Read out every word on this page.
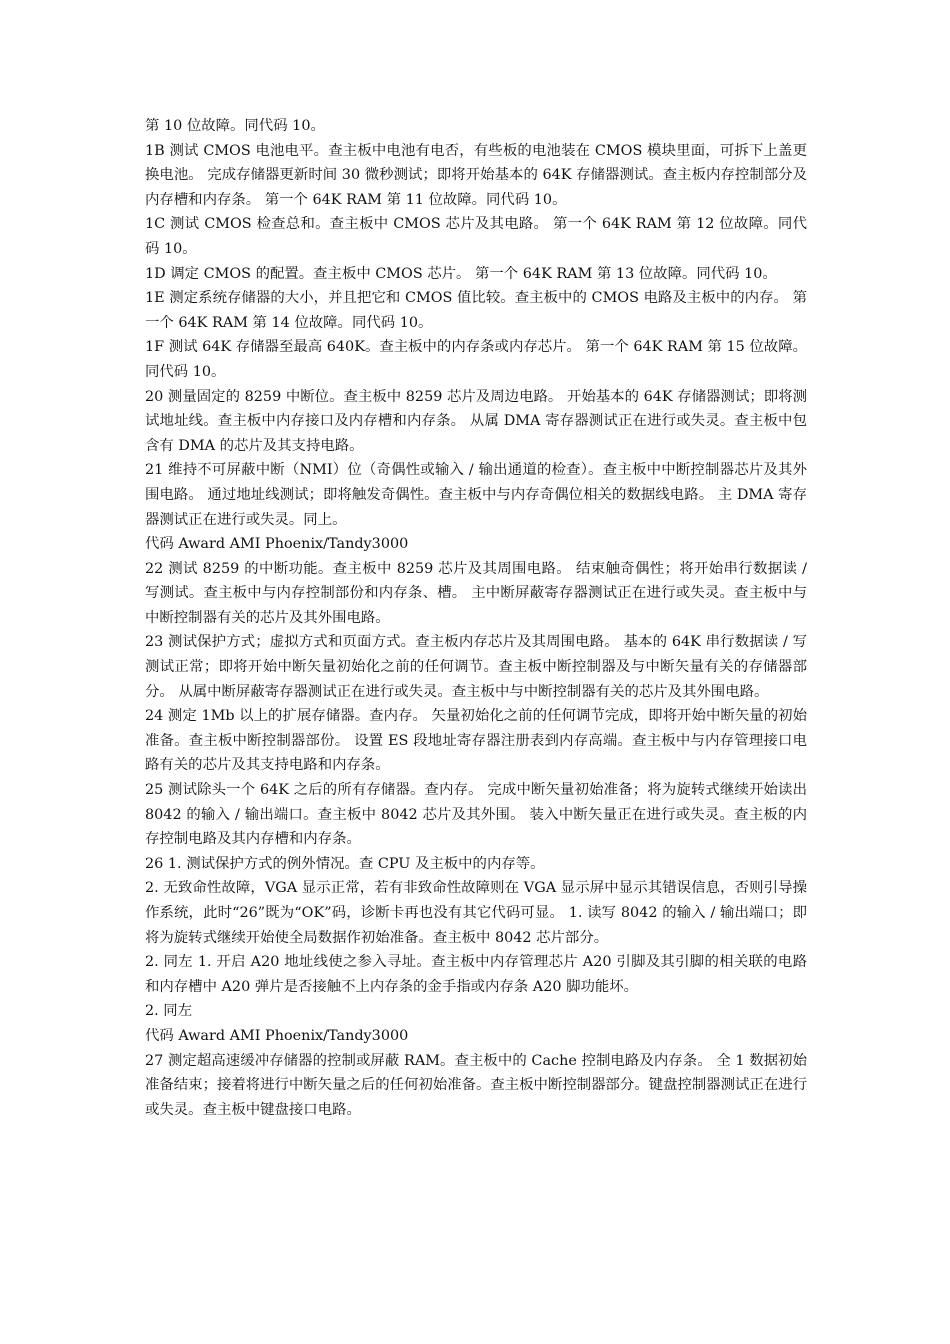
第 10 位故障。同代码 10。

1B 测试 CMOS 电池电平。查主板中电池有电否，有些板的电池装在 CMOS 模块里面，可拆下上盖更换电池。 完成存储器更新时间 30 微秒测试；即将开始基本的 64K 存储器测试。查主板内存控制部分及内存槽和内存条。 第一个 64K RAM 第 11 位故障。同代码 10。

1C 测试 CMOS 检查总和。查主板中 CMOS 芯片及其电路。 第一个 64K RAM 第 12 位故障。同代码 10。

1D 调定 CMOS 的配置。查主板中 CMOS 芯片。 第一个 64K RAM 第 13 位故障。同代码 10。

1E 测定系统存储器的大小，并且把它和 CMOS 值比较。查主板中的 CMOS 电路及主板中的内存。 第一个 64K RAM 第 14 位故障。同代码 10。

1F 测试 64K 存储器至最高 640K。查主板中的内存条或内存芯片。 第一个 64K RAM 第 15 位故障。同代码 10。

20 测量固定的 8259 中断位。查主板中 8259 芯片及周边电路。 开始基本的 64K 存储器测试；即将测试地址线。查主板中内存接口及内存槽和内存条。 从属 DMA 寄存器测试正在进行或失灵。查主板中包含有 DMA 的芯片及其支持电路。

21 维持不可屏蔽中断（NMI）位（奇偶性或输入 / 输出通道的检查）。查主板中中断控制器芯片及其外围电路。 通过地址线测试；即将触发奇偶性。查主板中与内存奇偶位相关的数据线电路。 主 DMA 寄存器测试正在进行或失灵。同上。

代码 Award AMI Phoenix/Tandy3000

22 测试 8259 的中断功能。查主板中 8259 芯片及其周围电路。 结束触奇偶性；将开始串行数据读 / 写测试。查主板中与内存控制部份和内存条、槽。 主中断屏蔽寄存器测试正在进行或失灵。查主板中与中断控制器有关的芯片及其外围电路。

23 测试保护方式；虚拟方式和页面方式。查主板内存芯片及其周围电路。 基本的 64K 串行数据读 / 写测试正常；即将开始中断矢量初始化之前的任何调节。查主板中断控制器及与中断矢量有关的存储器部分。 从属中断屏蔽寄存器测试正在进行或失灵。查主板中与中断控制器有关的芯片及其外围电路。

24 测定 1Mb 以上的扩展存储器。查内存。 矢量初始化之前的任何调节完成，即将开始中断矢量的初始准备。查主板中断控制器部份。 设置 ES 段地址寄存器注册表到内存高端。查主板中与内存管理接口电路有关的芯片及其支持电路和内存条。

25 测试除头一个 64K 之后的所有存储器。查内存。 完成中断矢量初始准备；将为旋转式继续开始读出 8042 的输入 / 输出端口。查主板中 8042 芯片及其外围。 装入中断矢量正在进行或失灵。查主板的内存控制电路及其内存槽和内存条。

26 1. 测试保护方式的例外情况。查 CPU 及主板中的内存等。

2. 无致命性故障，VGA 显示正常，若有非致命性故障则在 VGA 显示屏中显示其错误信息，否则引导操作系统，此时“26”既为“OK”码，诊断卡再也没有其它代码可显。 1. 读写 8042 的输入 / 输出端口；即将为旋转式继续开始使全局数据作初始准备。查主板中 8042 芯片部分。

2. 同左 1. 开启 A20 地址线使之参入寻址。查主板中内存管理芯片 A20 引脚及其引脚的相关联的电路和内存槽中 A20 弹片是否接触不上内存条的金手指或内存条 A20 脚功能坏。

2. 同左

代码 Award AMI Phoenix/Tandy3000

27 测定超高速缓冲存储器的控制或屏蔽 RAM。查主板中的 Cache 控制电路及内存条。 全 1 数据初始准备结束；接着将进行中断矢量之后的任何初始准备。查主板中断控制器部分。键盘控制器测试正在进行或失灵。查主板中键盘接口电路。
